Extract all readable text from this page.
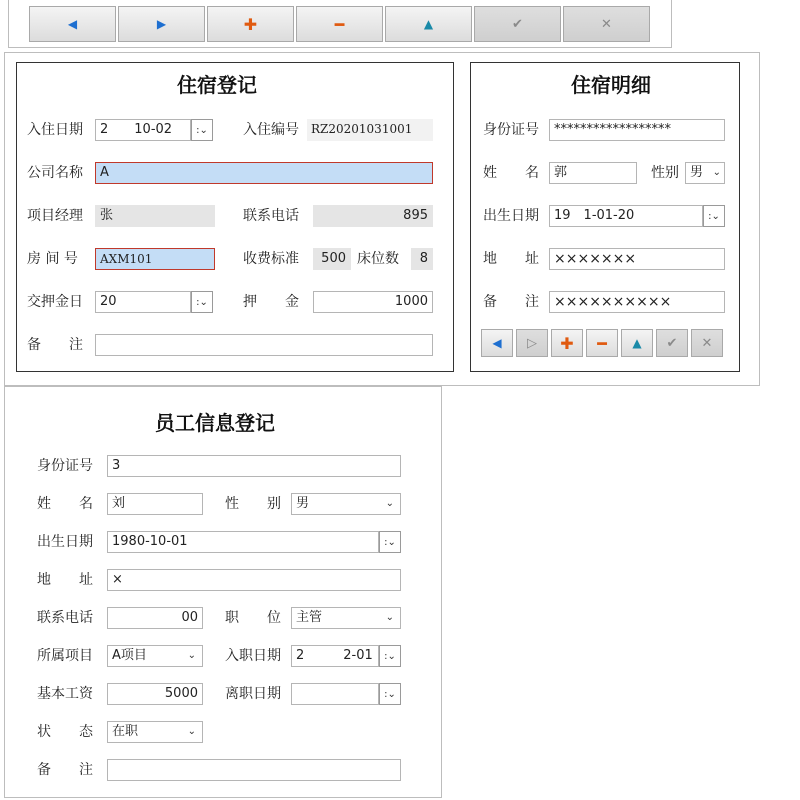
◀	▶	✚	━	▲	✔	✕
住宿登记
入住日期	2　　10-02	:⌄	入住编号	RZ20201031001
公司名称	A
项目经理	张	联系电话	895
房 间 号	AXM101	收费标准	500 床位数	8
交押金日	20	:⌄	押　　金	1000
备　　注
住宿明细
身份证号	******************
姓　　名	郭	性别 男 ⌄
出生日期	19　1-01-20	:⌄
地　　址	×××××××
备　　注	××××××××××
◀ ▷ ✚ ━ ▲ ✔ ✕
员工信息登记
身份证号	3
姓　　名	刘	性　　别	男	⌄
出生日期	1980-10-01	:⌄
地　　址	×
联系电话	00	职　　位	主管	⌄
所属项目	A项目	⌄ 入职日期	2　　　2-01	:⌄
基本工资	5000	离职日期	:⌄
状　　态	在职	⌄
备　　注
